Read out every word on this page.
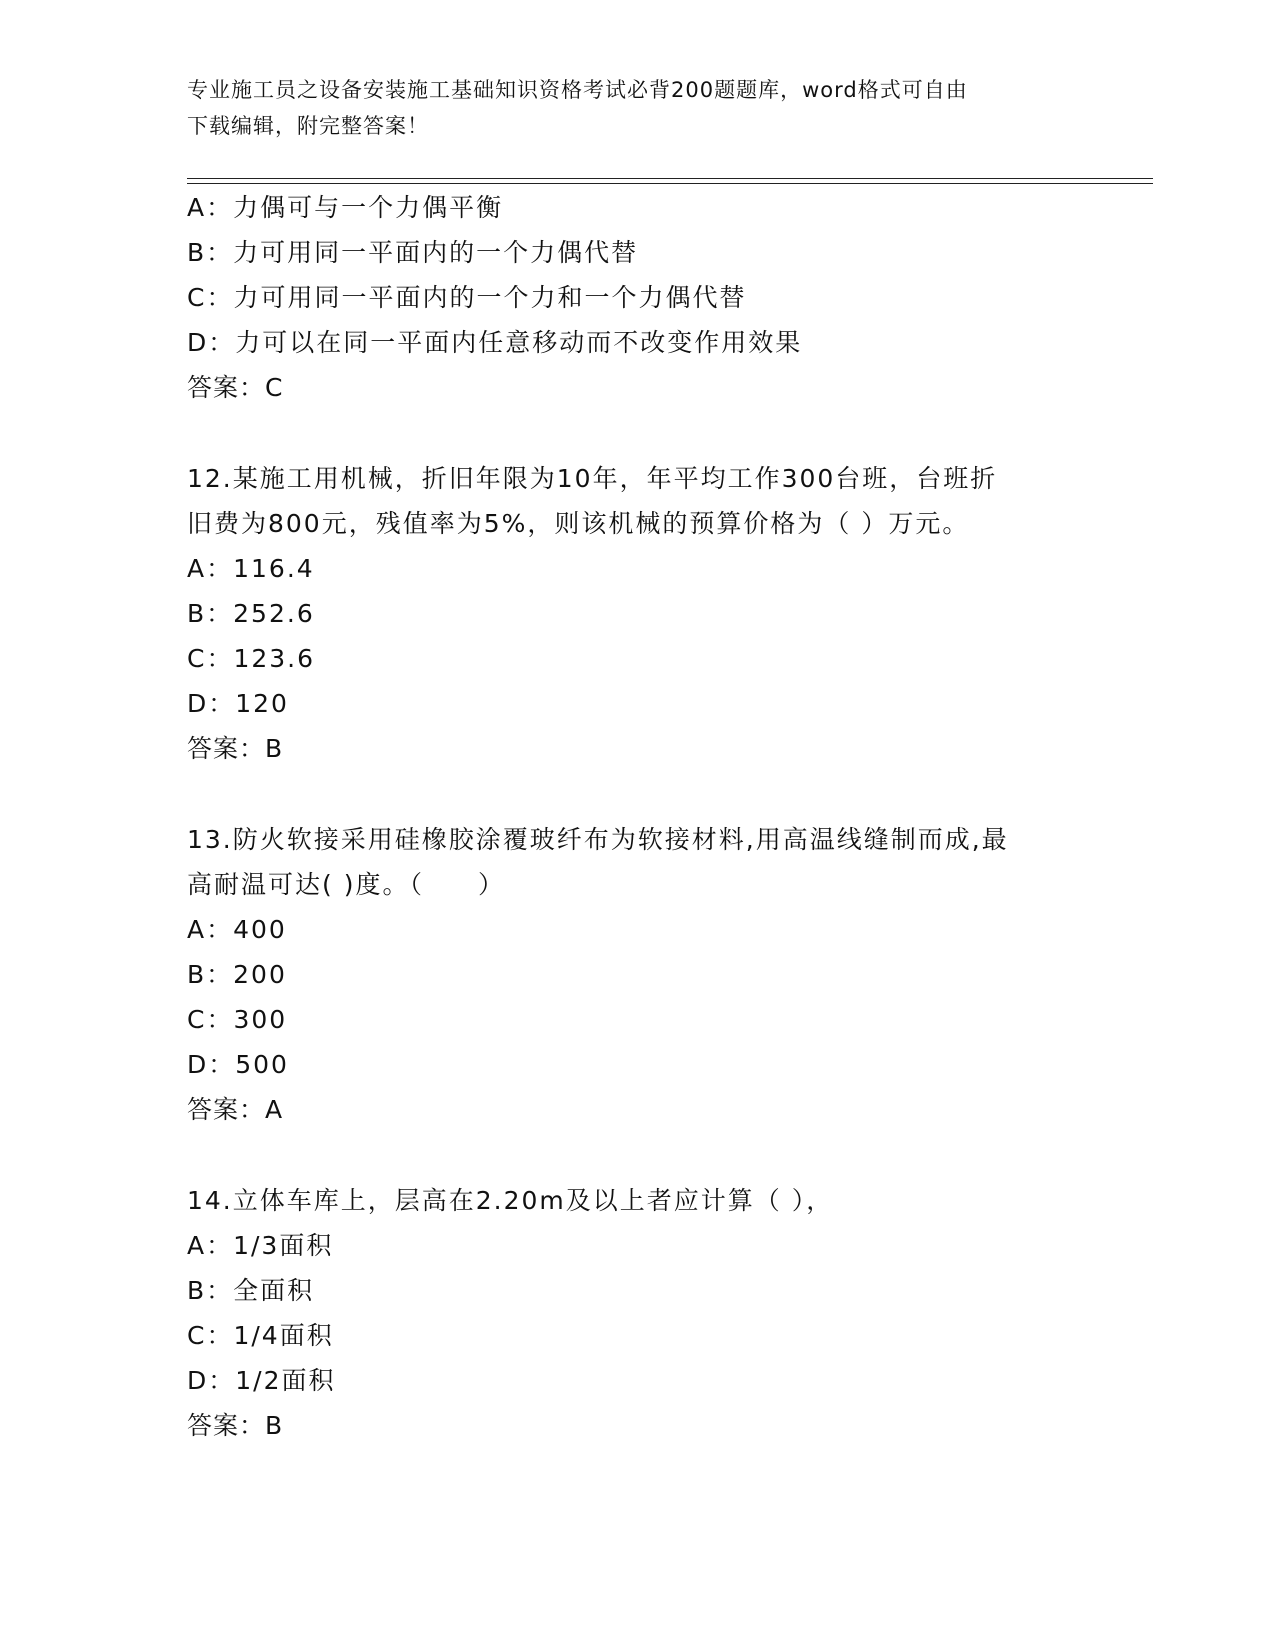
专业施工员之设备安装施工基础知识资格考试必背200题题库，word格式可自由
下载编辑，附完整答案！
A：力偶可与一个力偶平衡
B：力可用同一平面内的一个力偶代替
C：力可用同一平面内的一个力和一个力偶代替
D：力可以在同一平面内任意移动而不改变作用效果
答案：C
12.某施工用机械，折旧年限为10年，年平均工作300台班，台班折
旧费为800元，残值率为5%，则该机械的预算价格为（ ）万元。
A：116.4
B：252.6
C：123.6
D：120
答案：B
13.防火软接采用硅橡胶涂覆玻纤布为软接材料,用高温线缝制而成,最
高耐温可达( )度。（　　）
A：400
B：200
C：300
D：500
答案：A
14.立体车库上，层高在2.20m及以上者应计算（ ），
A：1/3面积
B：全面积
C：1/4面积
D：1/2面积
答案：B
